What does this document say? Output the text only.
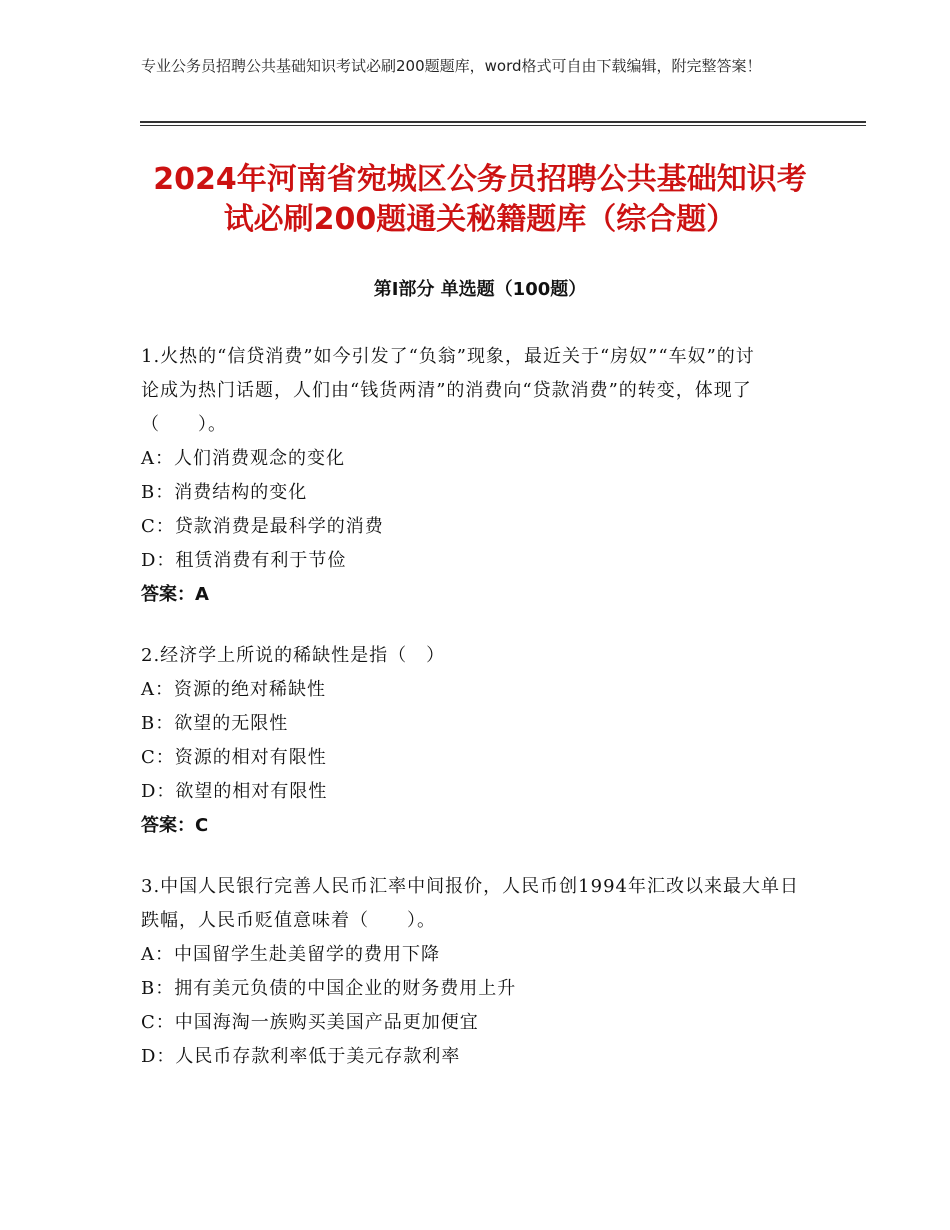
专业公务员招聘公共基础知识考试必刷200题题库，word格式可自由下载编辑，附完整答案！

2024年河南省宛城区公务员招聘公共基础知识考试必刷200题通关秘籍题库（综合题）
第I部分 单选题（100题）

1.火热的“信贷消费”如今引发了“负翁”现象，最近关于“房奴”“车奴”的讨论成为热门话题，人们由“钱货两清”的消费向“贷款消费”的转变，体现了（　　）。

A：人们消费观念的变化

B：消费结构的变化

C：贷款消费是最科学的消费

D：租赁消费有利于节俭

答案：A

2.经济学上所说的稀缺性是指（　）

A：资源的绝对稀缺性

B：欲望的无限性

C：资源的相对有限性

D：欲望的相对有限性

答案：C

3.中国人民银行完善人民币汇率中间报价，人民币创1994年汇改以来最大单日跌幅，人民币贬值意味着（　　）。

A：中国留学生赴美留学的费用下降

B：拥有美元负债的中国企业的财务费用上升

C：中国海淘一族购买美国产品更加便宜

D：人民币存款利率低于美元存款利率
